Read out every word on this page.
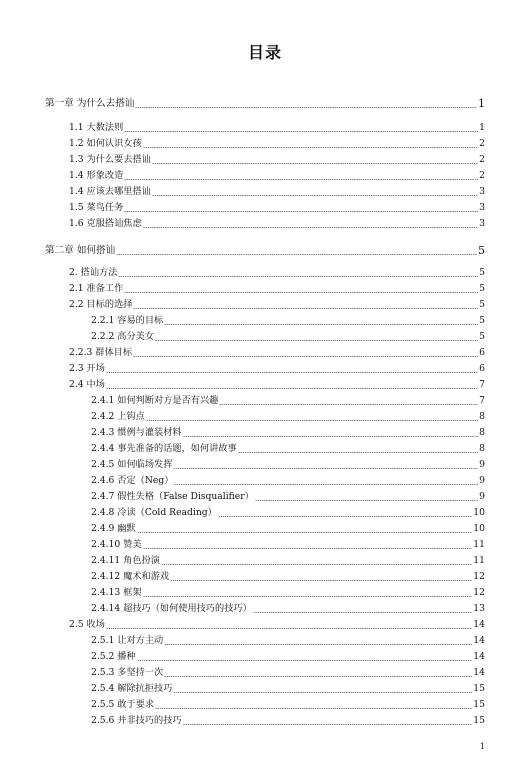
目录
第一章 为什么去搭讪	1
1.1 大数法则	1
1.2 如何认识女孩	2
1.3 为什么要去搭讪	2
1.4 形象改造	2
1.4 应该去哪里搭讪	3
1.5 菜鸟任务	3
1.6 克服搭讪焦虑	3
第二章 如何搭讪	5
2. 搭讪方法	5
2.1 准备工作	5
2.2 目标的选择	5
2.2.1 容易的目标	5
2.2.2 高分美女	5
2.2.3 群体目标	6
2.3 开场	6
2.4 中场	7
2.4.1 如何判断对方是否有兴趣	7
2.4.2 上钩点	8
2.4.3 惯例与灌装材料	8
2.4.4 事先准备的话题，如何讲故事	8
2.4.5 如何临场发挥	9
2.4.6 否定（Neg）	9
2.4.7 假性失格（False Disqualifier）	9
2.4.8 冷读（Cold Reading）	10
2.4.9 幽默	10
2.4.10 赞美	11
2.4.11 角色扮演	11
2.4.12 魔术和游戏	12
2.4.13 框架	12
2.4.14 超技巧（如何使用技巧的技巧）	13
2.5 收场	14
2.5.1 让对方主动	14
2.5.2 播种	14
2.5.3 多坚持一次	14
2.5.4 解除抗拒技巧	15
2.5.5 敢于要求	15
2.5.6 并非技巧的技巧	15
1
